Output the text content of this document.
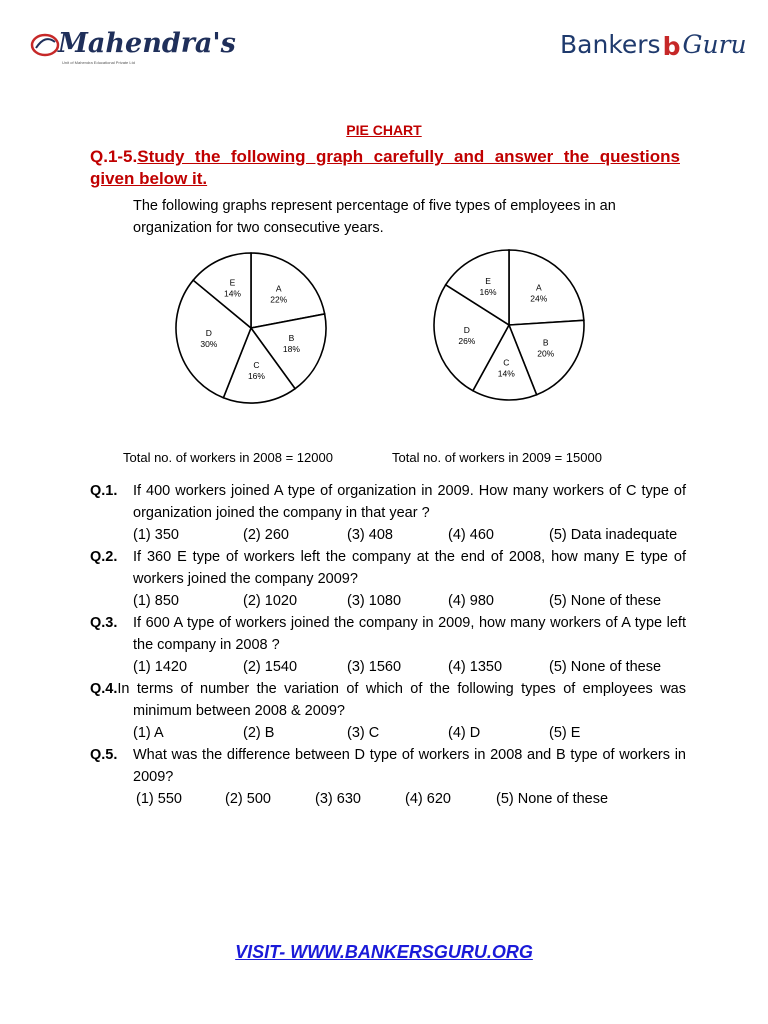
Mahendra's
Unit of Mahendra Educational Private Ltd
BankersbGuru
PIE CHART
Q.1-5.Study the following graph carefully and answer the questions given below it.
The following graphs represent percentage of five types of employees in an organization for two consecutive years.
A
22%
B
18%
C
16%
D
30%
E
14%
A
24%
B
20%
C
14%
D
26%
E
16%
Total no. of workers in 2008 = 12000	Total no. of workers in 2009 = 15000
Q.1. If 400 workers joined A type of organization in 2009. How many workers of C type of organization joined the company in that year ?
(1) 350	(2) 260	(3) 408	(4) 460	(5) Data inadequate
Q.2. If 360 E type of workers left the company at the end of 2008, how many E type of workers joined the company 2009?
(1) 850	(2) 1020	(3) 1080	(4) 980	(5) None of these
Q.3. If 600 A type of workers joined the company in 2009, how many workers of A type left the company in 2008 ?
(1) 1420	(2) 1540	(3) 1560	(4) 1350	(5) None of these
Q.4.In terms of number the variation of which of the following types of employees was minimum between 2008 & 2009?
(1) A	(2) B	(3) C	(4) D	(5) E
Q.5. What was the difference between D type of workers in 2008 and B type of workers in 2009?
(1) 550	(2) 500	(3) 630	(4) 620	(5) None of these
VISIT- WWW.BANKERSGURU.ORG
